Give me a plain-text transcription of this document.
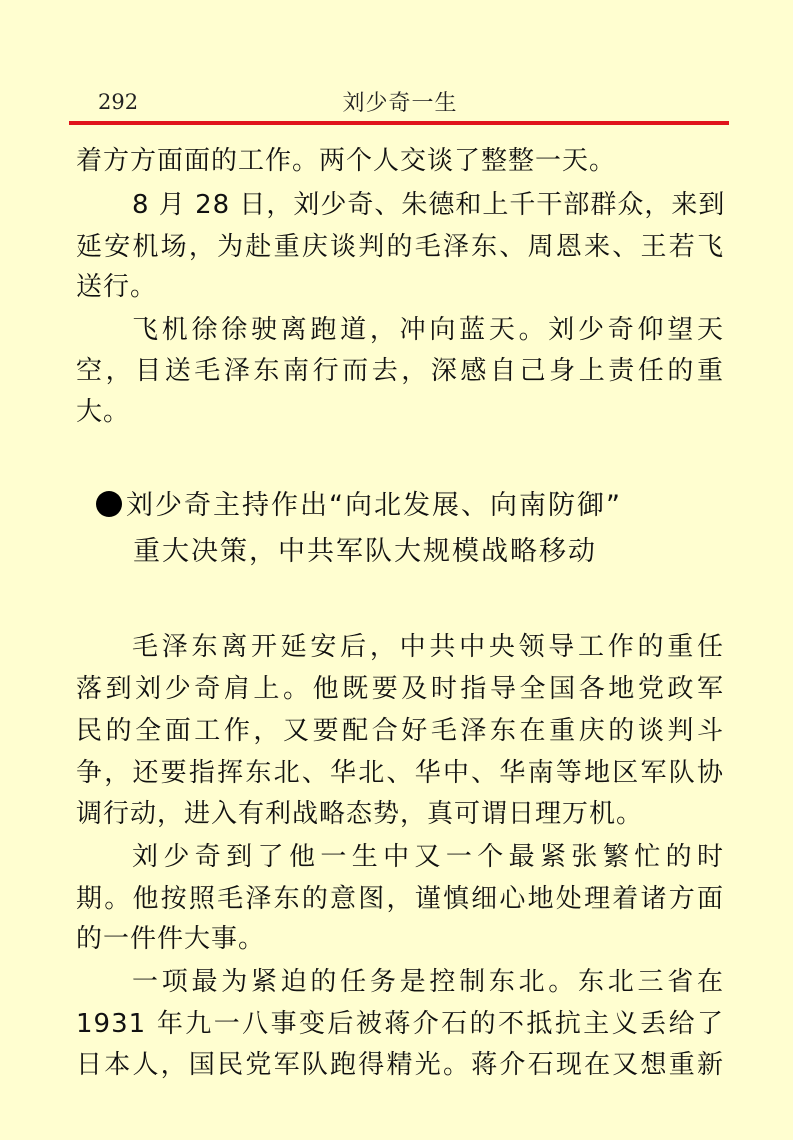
292	刘少奇一生
着方方面面的工作。两个人交谈了整整一天。
8 月 28 日，刘少奇、朱德和上千干部群众，来到
延安机场，为赴重庆谈判的毛泽东、周恩来、王若飞
送行。
飞机徐徐驶离跑道，冲向蓝天。刘少奇仰望天
空，目送毛泽东南行而去，深感自己身上责任的重
大。
刘少奇主持作出“向北发展、向南防御”
重大决策，中共军队大规模战略移动
毛泽东离开延安后，中共中央领导工作的重任
落到刘少奇肩上。他既要及时指导全国各地党政军
民的全面工作，又要配合好毛泽东在重庆的谈判斗
争，还要指挥东北、华北、华中、华南等地区军队协
调行动，进入有利战略态势，真可谓日理万机。
刘少奇到了他一生中又一个最紧张繁忙的时
期。他按照毛泽东的意图，谨慎细心地处理着诸方面
的一件件大事。
一项最为紧迫的任务是控制东北。东北三省在
1931 年九一八事变后被蒋介石的不抵抗主义丢给了
日本人，国民党军队跑得精光。蒋介石现在又想重新
